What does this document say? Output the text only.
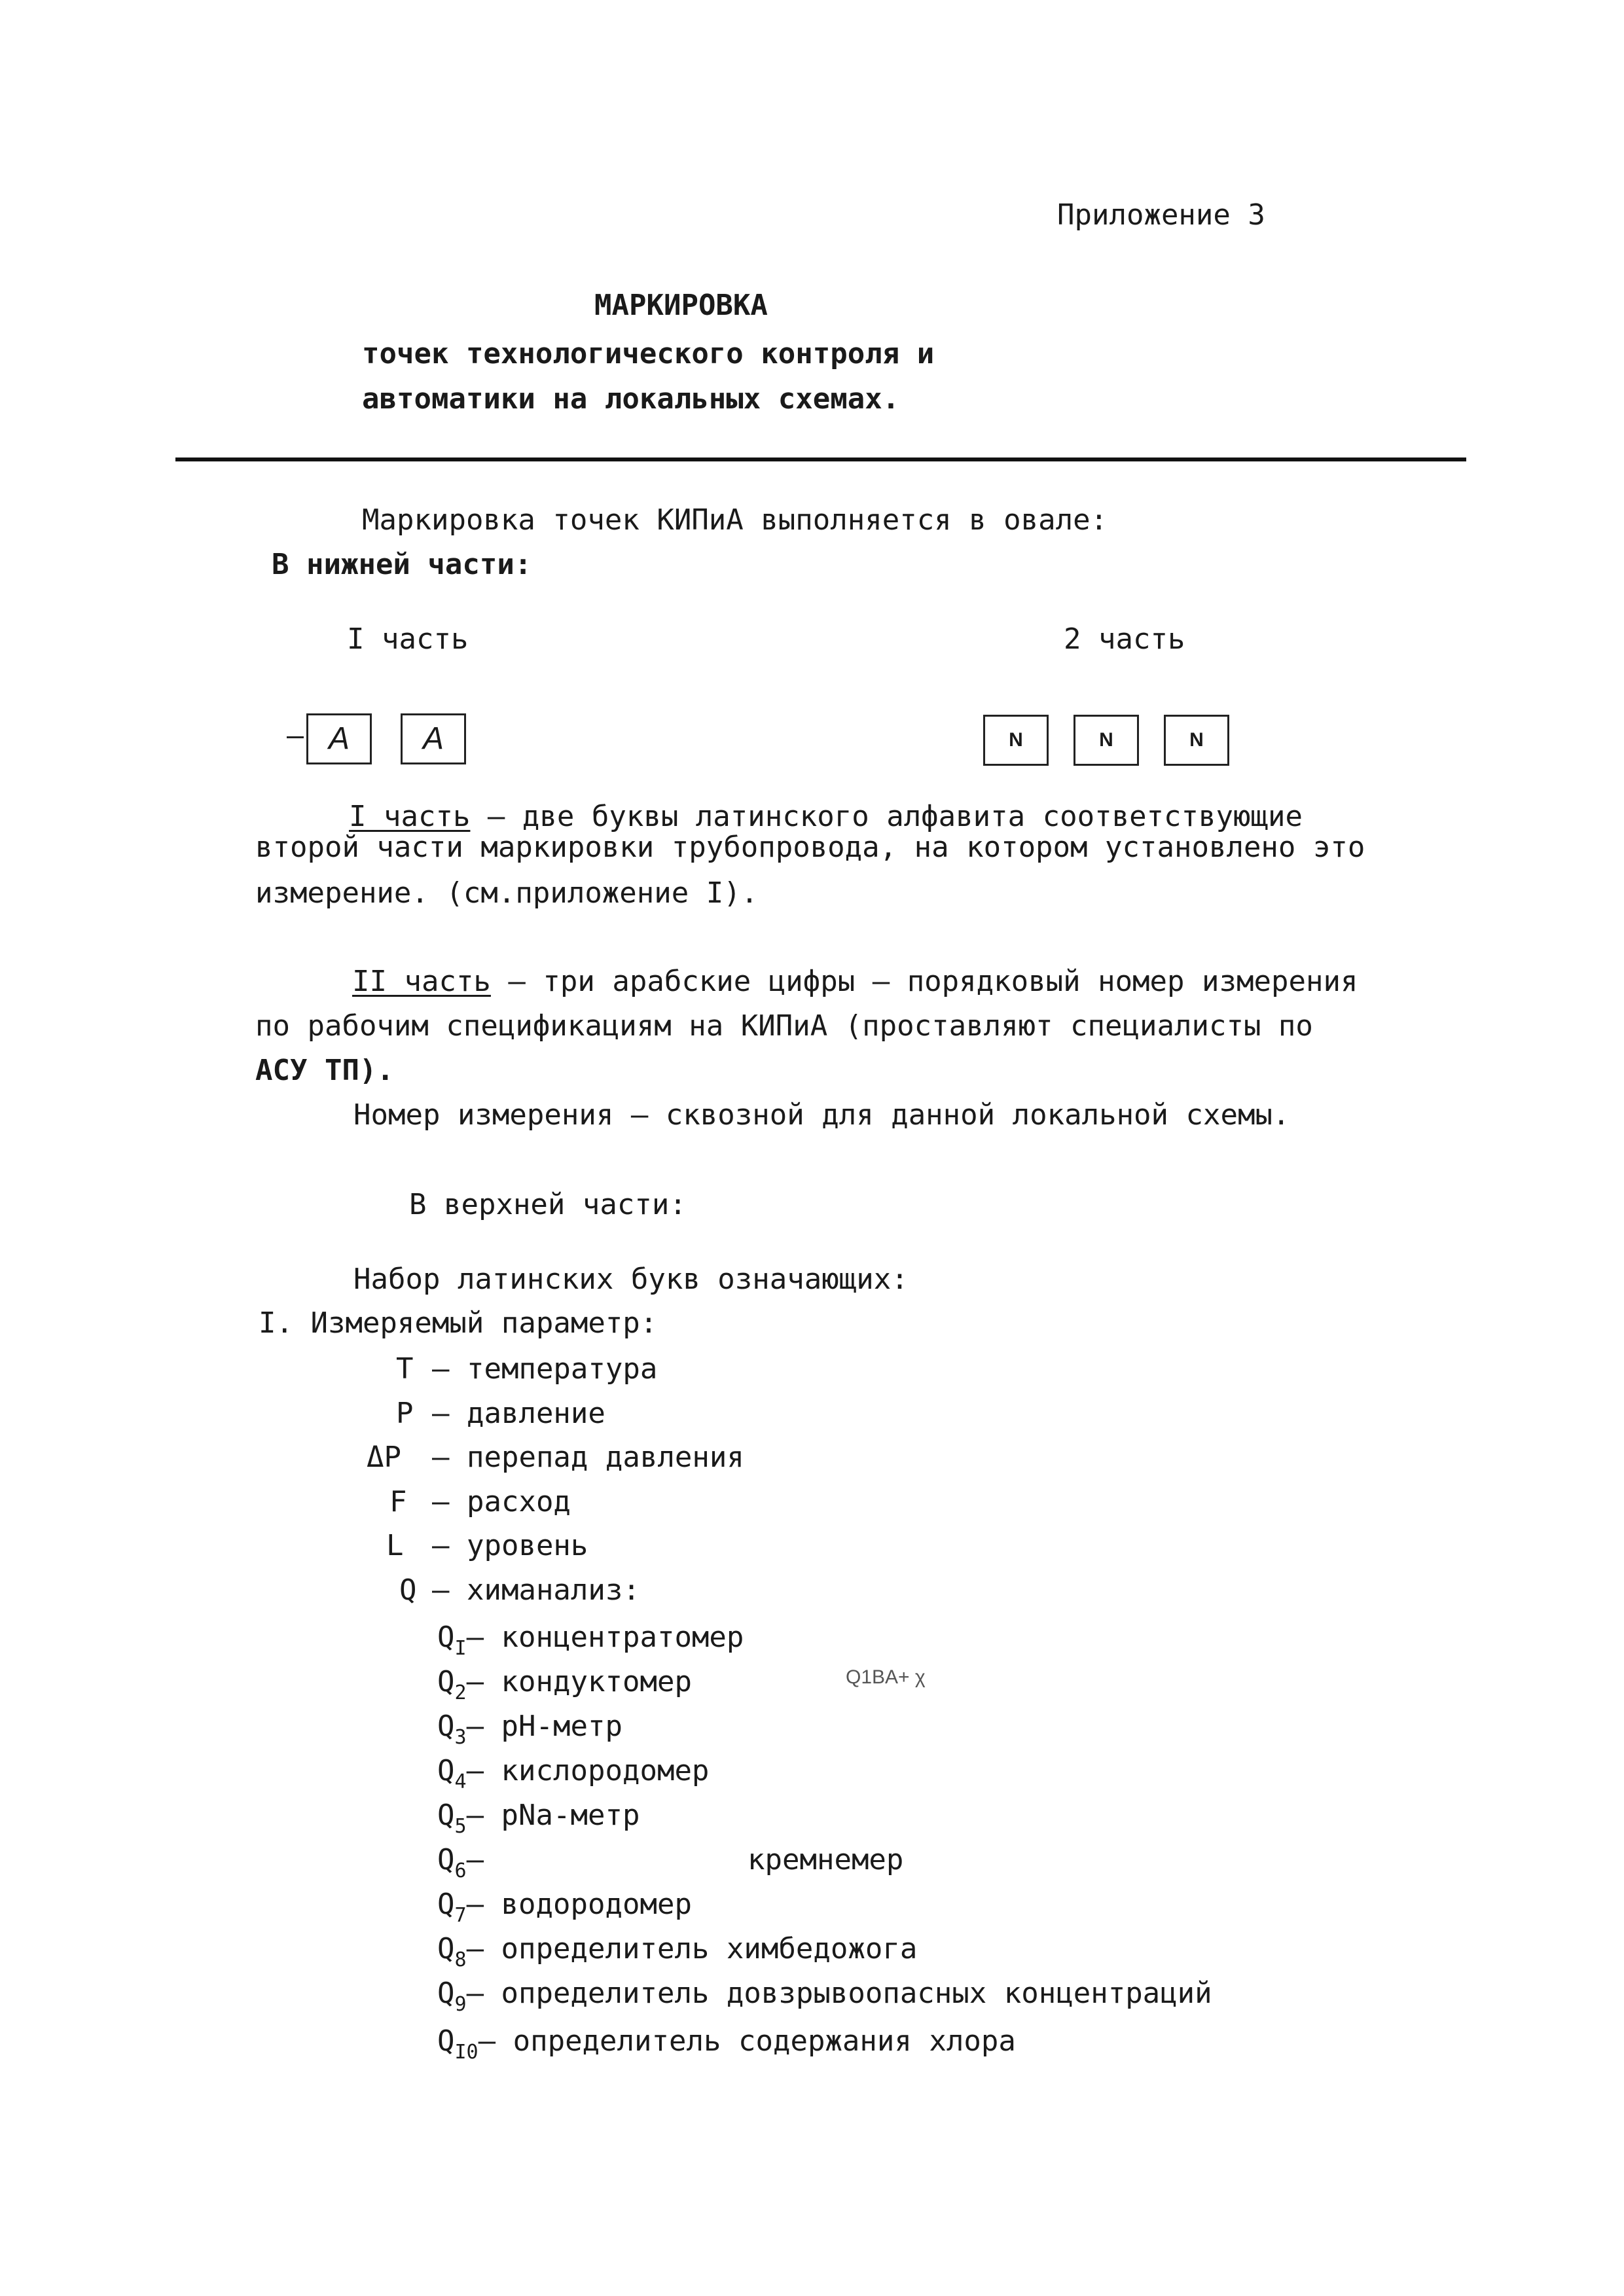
Приложение 3
МАРКИРОВКА
точек технологического контроля и
автоматики на локальных схемах.
Маркировка точек КИПиА выполняется в овале:
В нижней части:
I часть	2 часть
A	A	N	N	N
I часть – две буквы латинского алфавита соответствующие
второй части маркировки трубопровода, на котором установлено это
измерение. (см.приложение I).
II часть – три арабские цифры – порядковый номер измерения
по рабочим спецификациям на КИПиА (проставляют специалисты по
АСУ ТП).
Номер измерения – сквозной для данной локальной схемы.
В верхней части:
Набор латинских букв означающих:
I. Измеряемый параметр:
T – температура
P – давление
ΔP – перепад давления
F – расход
L – уровень
Q – химанализ:
$Q_I-$ концентратомер
$Q_2-$ кондуктомер
$Q_3-$ pH-метр
$Q_4-$ кислородомер
$Q_5-$ pNa-метр
$Q_6-$	кремнемер
$Q_7-$ водородомер
$Q_8-$ определитель химбедожога
$Q_9-$ определитель довзрывоопасных концентраций
$Q_{I0}-$ определитель содержания хлора
Q1BA+ χ
